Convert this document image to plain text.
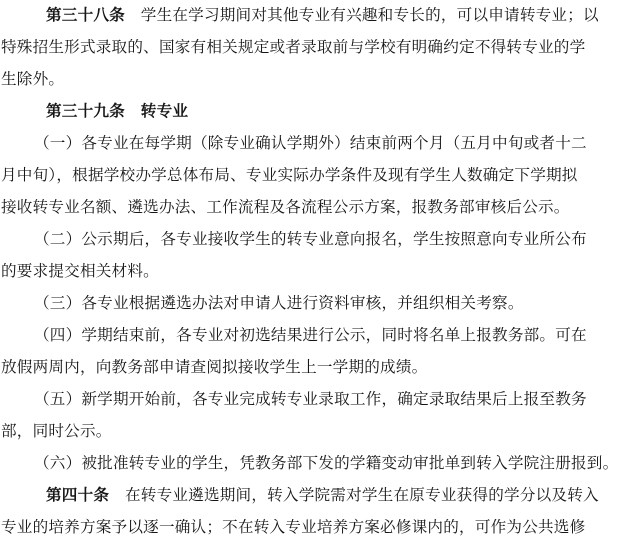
第三十八条　学生在学习期间对其他专业有兴趣和专长的，可以申请转专业；以
特殊招生形式录取的、国家有相关规定或者录取前与学校有明确约定不得转专业的学
生除外。
第三十九条　转专业
（一）各专业在每学期（除专业确认学期外）结束前两个月（五月中旬或者十二
月中旬），根据学校办学总体布局、专业实际办学条件及现有学生人数确定下学期拟
接收转专业名额、遴选办法、工作流程及各流程公示方案，报教务部审核后公示。
（二）公示期后，各专业接收学生的转专业意向报名，学生按照意向专业所公布
的要求提交相关材料。
（三）各专业根据遴选办法对申请人进行资料审核，并组织相关考察。
（四）学期结束前，各专业对初选结果进行公示，同时将名单上报教务部。可在
放假两周内，向教务部申请查阅拟接收学生上一学期的成绩。
（五）新学期开始前，各专业完成转专业录取工作，确定录取结果后上报至教务
部，同时公示。
（六）被批准转专业的学生，凭教务部下发的学籍变动审批单到转入学院注册报到。
第四十条　在转专业遴选期间，转入学院需对学生在原专业获得的学分以及转入
专业的培养方案予以逐一确认；不在转入专业培养方案必修课内的，可作为公共选修
